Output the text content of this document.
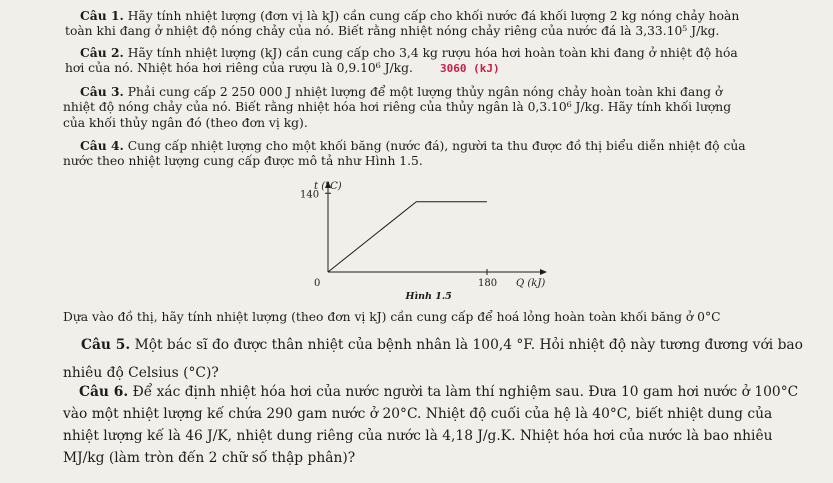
Câu 1. Hãy tính nhiệt lượng (đơn vị là kJ) cần cung cấp cho khối nước đá khối lượng 2 kg nóng chảy hoàn
toàn khi đang ở nhiệt độ nóng chảy của nó. Biết rằng nhiệt nóng chảy riêng của nước đá là 3,33.10⁵ J/kg.
Câu 2. Hãy tính nhiệt lượng (kJ) cần cung cấp cho 3,4 kg rượu hóa hơi hoàn toàn khi đang ở nhiệt độ hóa
hơi của nó. Nhiệt hóa hơi riêng của rượu là 0,9.10⁶ J/kg. 3060 (kJ)
Câu 3. Phải cung cấp 2 250 000 J nhiệt lượng để một lượng thủy ngân nóng chảy hoàn toàn khi đang ở
nhiệt độ nóng chảy của nó. Biết rằng nhiệt hóa hơi riêng của thủy ngân là 0,3.10⁶ J/kg. Hãy tính khối lượng
của khối thủy ngân đó (theo đơn vị kg).
Câu 4. Cung cấp nhiệt lượng cho một khối băng (nước đá), người ta thu được đồ thị biểu diễn nhiệt độ của
nước theo nhiệt lượng cung cấp được mô tả như Hình 1.5.
t (°C)
Q (kJ)
0
140
180
Hình 1.5
Dựa vào đồ thị, hãy tính nhiệt lượng (theo đơn vị kJ) cần cung cấp để hoá lỏng hoàn toàn khối băng ở 0°C
Câu 5. Một bác sĩ đo được thân nhiệt của bệnh nhân là 100,4 °F. Hỏi nhiệt độ này tương đương với bao
nhiêu độ Celsius (°C)?
Câu 6. Để xác định nhiệt hóa hơi của nước người ta làm thí nghiệm sau. Đưa 10 gam hơi nước ở 100°C
vào một nhiệt lượng kế chứa 290 gam nước ở 20°C. Nhiệt độ cuối của hệ là 40°C, biết nhiệt dung của
nhiệt lượng kế là 46 J/K, nhiệt dung riêng của nước là 4,18 J/g.K. Nhiệt hóa hơi của nước là bao nhiêu
MJ/kg (làm tròn đến 2 chữ số thập phân)?
